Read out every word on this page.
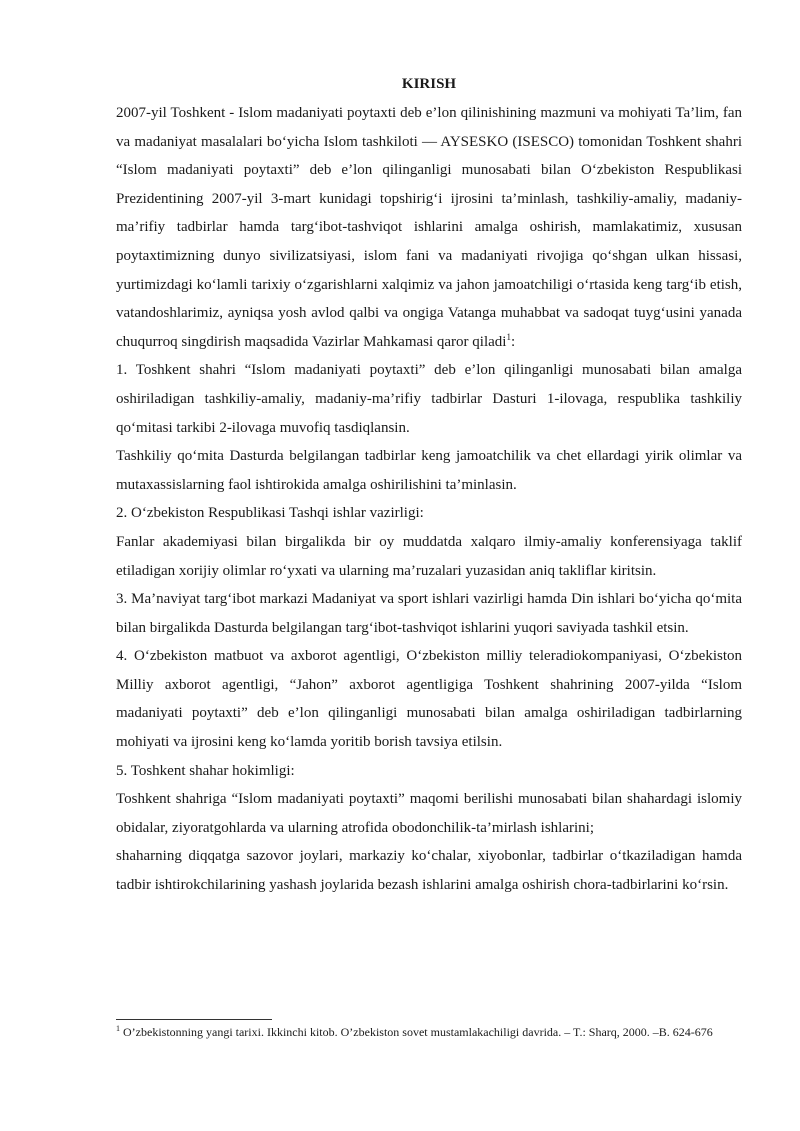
KIRISH

2007-yil Toshkent - Islom madaniyati poytaxti deb e’lon qilinishining mazmuni va mohiyati Ta’lim, fan va madaniyat masalalari bo‘yicha Islom tashkiloti — AYSESKO (ISESCO) tomonidan Toshkent shahri “Islom madaniyati poytaxti” deb e’lon qilinganligi munosabati bilan O‘zbekiston Respublikasi Prezidentining 2007-yil 3-mart kunidagi topshirig‘i ijrosini ta’minlash, tashkiliy-amaliy, madaniy-ma’rifiy tadbirlar hamda targ‘ibot-tashviqot ishlarini amalga oshirish, mamlakatimiz, xususan poytaxtimizning dunyo sivilizatsiyasi, islom fani va madaniyati rivojiga qo‘shgan ulkan hissasi, yurtimizdagi ko‘lamli tarixiy o‘zgarishlarni xalqimiz va jahon jamoatchiligi o‘rtasida keng targ‘ib etish, vatandoshlarimiz, ayniqsa yosh avlod qalbi va ongiga Vatanga muhabbat va sadoqat tuyg‘usini yanada chuqurroq singdirish maqsadida Vazirlar Mahkamasi qaror qiladi$^1$:

1. Toshkent shahri “Islom madaniyati poytaxti” deb e’lon qilinganligi munosabati bilan amalga oshiriladigan tashkiliy-amaliy, madaniy-ma’rifiy tadbirlar Dasturi 1-ilovaga, respublika tashkiliy qo‘mitasi tarkibi 2-ilovaga muvofiq tasdiqlansin.

Tashkiliy qo‘mita Dasturda belgilangan tadbirlar keng jamoatchilik va chet ellardagi yirik olimlar va mutaxassislarning faol ishtirokida amalga oshirilishini ta’minlasin.

2. O‘zbekiston Respublikasi Tashqi ishlar vazirligi:

Fanlar akademiyasi bilan birgalikda bir oy muddatda xalqaro ilmiy-amaliy konferensiyaga taklif etiladigan xorijiy olimlar ro‘yxati va ularning ma’ruzalari yuzasidan aniq takliflar kiritsin.

3. Ma’naviyat targ‘ibot markazi Madaniyat va sport ishlari vazirligi hamda Din ishlari bo‘yicha qo‘mita bilan birgalikda Dasturda belgilangan targ‘ibot-tashviqot ishlarini yuqori saviyada tashkil etsin.

4. O‘zbekiston matbuot va axborot agentligi, O‘zbekiston milliy teleradiokompaniyasi, O‘zbekiston Milliy axborot agentligi, “Jahon” axborot agentligiga Toshkent shahrining 2007-yilda “Islom madaniyati poytaxti” deb e’lon qilinganligi munosabati bilan amalga oshiriladigan tadbirlarning mohiyati va ijrosini keng ko‘lamda yoritib borish tavsiya etilsin.

5. Toshkent shahar hokimligi:

Toshkent shahriga “Islom madaniyati poytaxti” maqomi berilishi munosabati bilan shahardagi islomiy obidalar, ziyoratgohlarda va ularning atrofida obodonchilik-ta’mirlash ishlarini;

shaharning diqqatga sazovor joylari, markaziy ko‘chalar, xiyobonlar, tadbirlar o‘tkaziladigan hamda tadbir ishtirokchilarining yashash joylarida bezash ishlarini amalga oshirish chora-tadbirlarini ko‘rsin.

$^1$ O’zbekistonning yangi tarixi. Ikkinchi kitob. O’zbekiston sovet mustamlakachiligi davrida. – T.: Sharq, 2000. –B. 624-676
